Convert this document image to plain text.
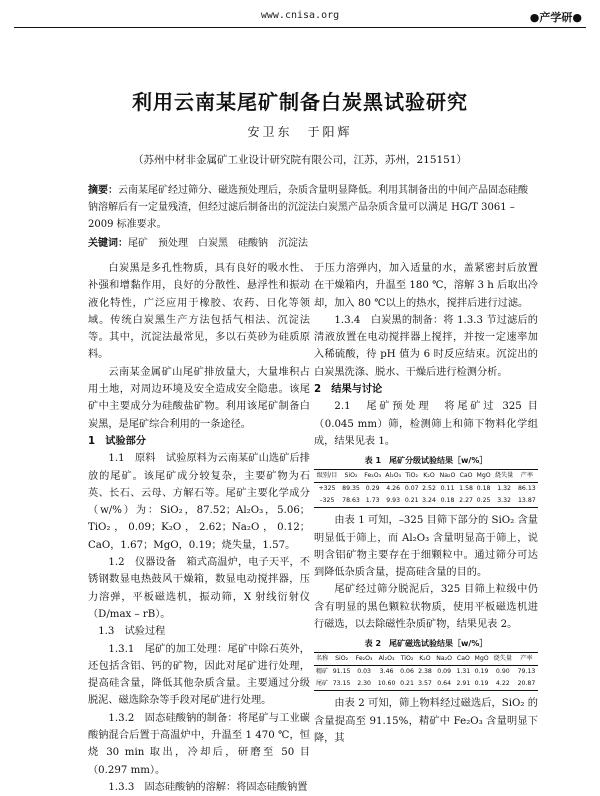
www.cnisa.org	●产学研●
利用云南某尾矿制备白炭黑试验研究
安卫东　于阳辉
（苏州中材非金属矿工业设计研究院有限公司，江苏，苏州，215151）
摘要：云南某尾矿经过筛分、磁选预处理后，杂质含量明显降低。利用其制备出的中间产品固态硅酸钠溶解后有一定量残渣，但经过滤后制备出的沉淀法白炭黑产品杂质含量可以满足 HG/T 3061 – 2009 标准要求。
关键词：尾矿　预处理　白炭黑　硅酸钠　沉淀法

白炭黑是多孔性物质，具有良好的吸水性、补强和增黏作用，良好的分散性、悬浮性和振动液化特性，广泛应用于橡胶、农药、日化等领域。传统白炭黑生产方法包括气相法、沉淀法等。其中，沉淀法最常见，多以石英砂为硅质原料。

云南某金属矿山尾矿排放量大，大量堆积占用土地，对周边环境及安全造成安全隐患。该尾矿中主要成分为硅酸盐矿物。利用该尾矿制备白炭黑，是尾矿综合利用的一条途径。

1　试验部分

1.1　原料　试验原料为云南某矿山选矿后排放的尾矿。该尾矿成分较复杂，主要矿物为石英、长石、云母、方解石等。尾矿主要化学成分（w/%）为：SiO₂，87.52；Al₂O₃，5.06；TiO₂，0.09；K₂O，2.62；Na₂O，0.12；CaO，1.67；MgO，0.19；烧失量，1.57。

1.2　仪器设备　箱式高温炉，电子天平，不锈钢数显电热鼓风干燥箱，数显电动搅拌器，压力溶弹，平板磁选机，振动筛，X 射线衍射仪（D/max – rB）。

1.3　试验过程

1.3.1　尾矿的加工处理：尾矿中除石英外，还包括含铝、钙的矿物，因此对尾矿进行处理，提高硅含量，降低其他杂质含量。主要通过分级脱泥、磁选除杂等手段对尾矿进行处理。

1.3.2　固态硅酸钠的制备：将尾矿与工业碳酸钠混合后置于高温炉中，升温至 1 470 ℃，恒烧 30 min 取出，冷却后，研磨至 50 目（0.297 mm）。

1.3.3　固态硅酸钠的溶解：将固态硅酸钠置

于压力溶弹内，加入适量的水，盖紧密封后放置在干燥箱内，升温至 180 ℃，溶解 3 h 后取出冷却，加入 80 ℃以上的热水，搅拌后进行过滤。

1.3.4　白炭黑的制备：将 1.3.3 节过滤后的清液放置在电动搅拌器上搅拌，并按一定速率加入稀硫酸，待 pH 值为 6 时反应结束。沉淀出的白炭黑洗涤、脱水、干燥后进行检测分析。

2　结果与讨论

2.1　尾矿预处理　将尾矿过 325 目（0.045 mm）筛，检测筛上和筛下物料化学组成，结果见表 1。

表 1　尾矿分级试验结果［w/%］
级别/目	SiO₂	Fe₂O₃	Al₂O₃	TiO₂	K₂O	Na₂O	CaO	MgO	烧失量	产率
+325	89.35	0.29	4.26	0.07	2.52	0.11	1.58	0.18	1.32	86.13
–325	78.63	1.73	9.93	0.21	3.24	0.18	2.27	0.25	3.32	13.87

由表 1 可知，–325 目筛下部分的 SiO₂ 含量明显低于筛上，而 Al₂O₃ 含量明显高于筛上，说明含铝矿物主要存在于细颗粒中。通过筛分可达到降低杂质含量，提高硅含量的目的。

尾矿经过筛分脱泥后，325 目筛上粒级中仍含有明显的黑色颗粒状物质，使用平板磁选机进行磁选，以去除磁性杂质矿物，结果见表 2。

表 2　尾矿磁选试验结果［w/%］
名称	SiO₂	Fe₂O₃	Al₂O₃	TiO₂	K₂O	Na₂O	CaO	MgO	烧失量	产率
精矿	91.15	0.03	3.46	0.06	2.38	0.09	1.31	0.19	0.90	79.13
尾矿	73.15	2.30	10.60	0.21	3.57	0.64	2.91	0.19	4.22	20.87

由表 2 可知，筛上物料经过磁选后，SiO₂ 的含量提高至 91.15%，精矿中 Fe₂O₃ 含量明显下降，其
